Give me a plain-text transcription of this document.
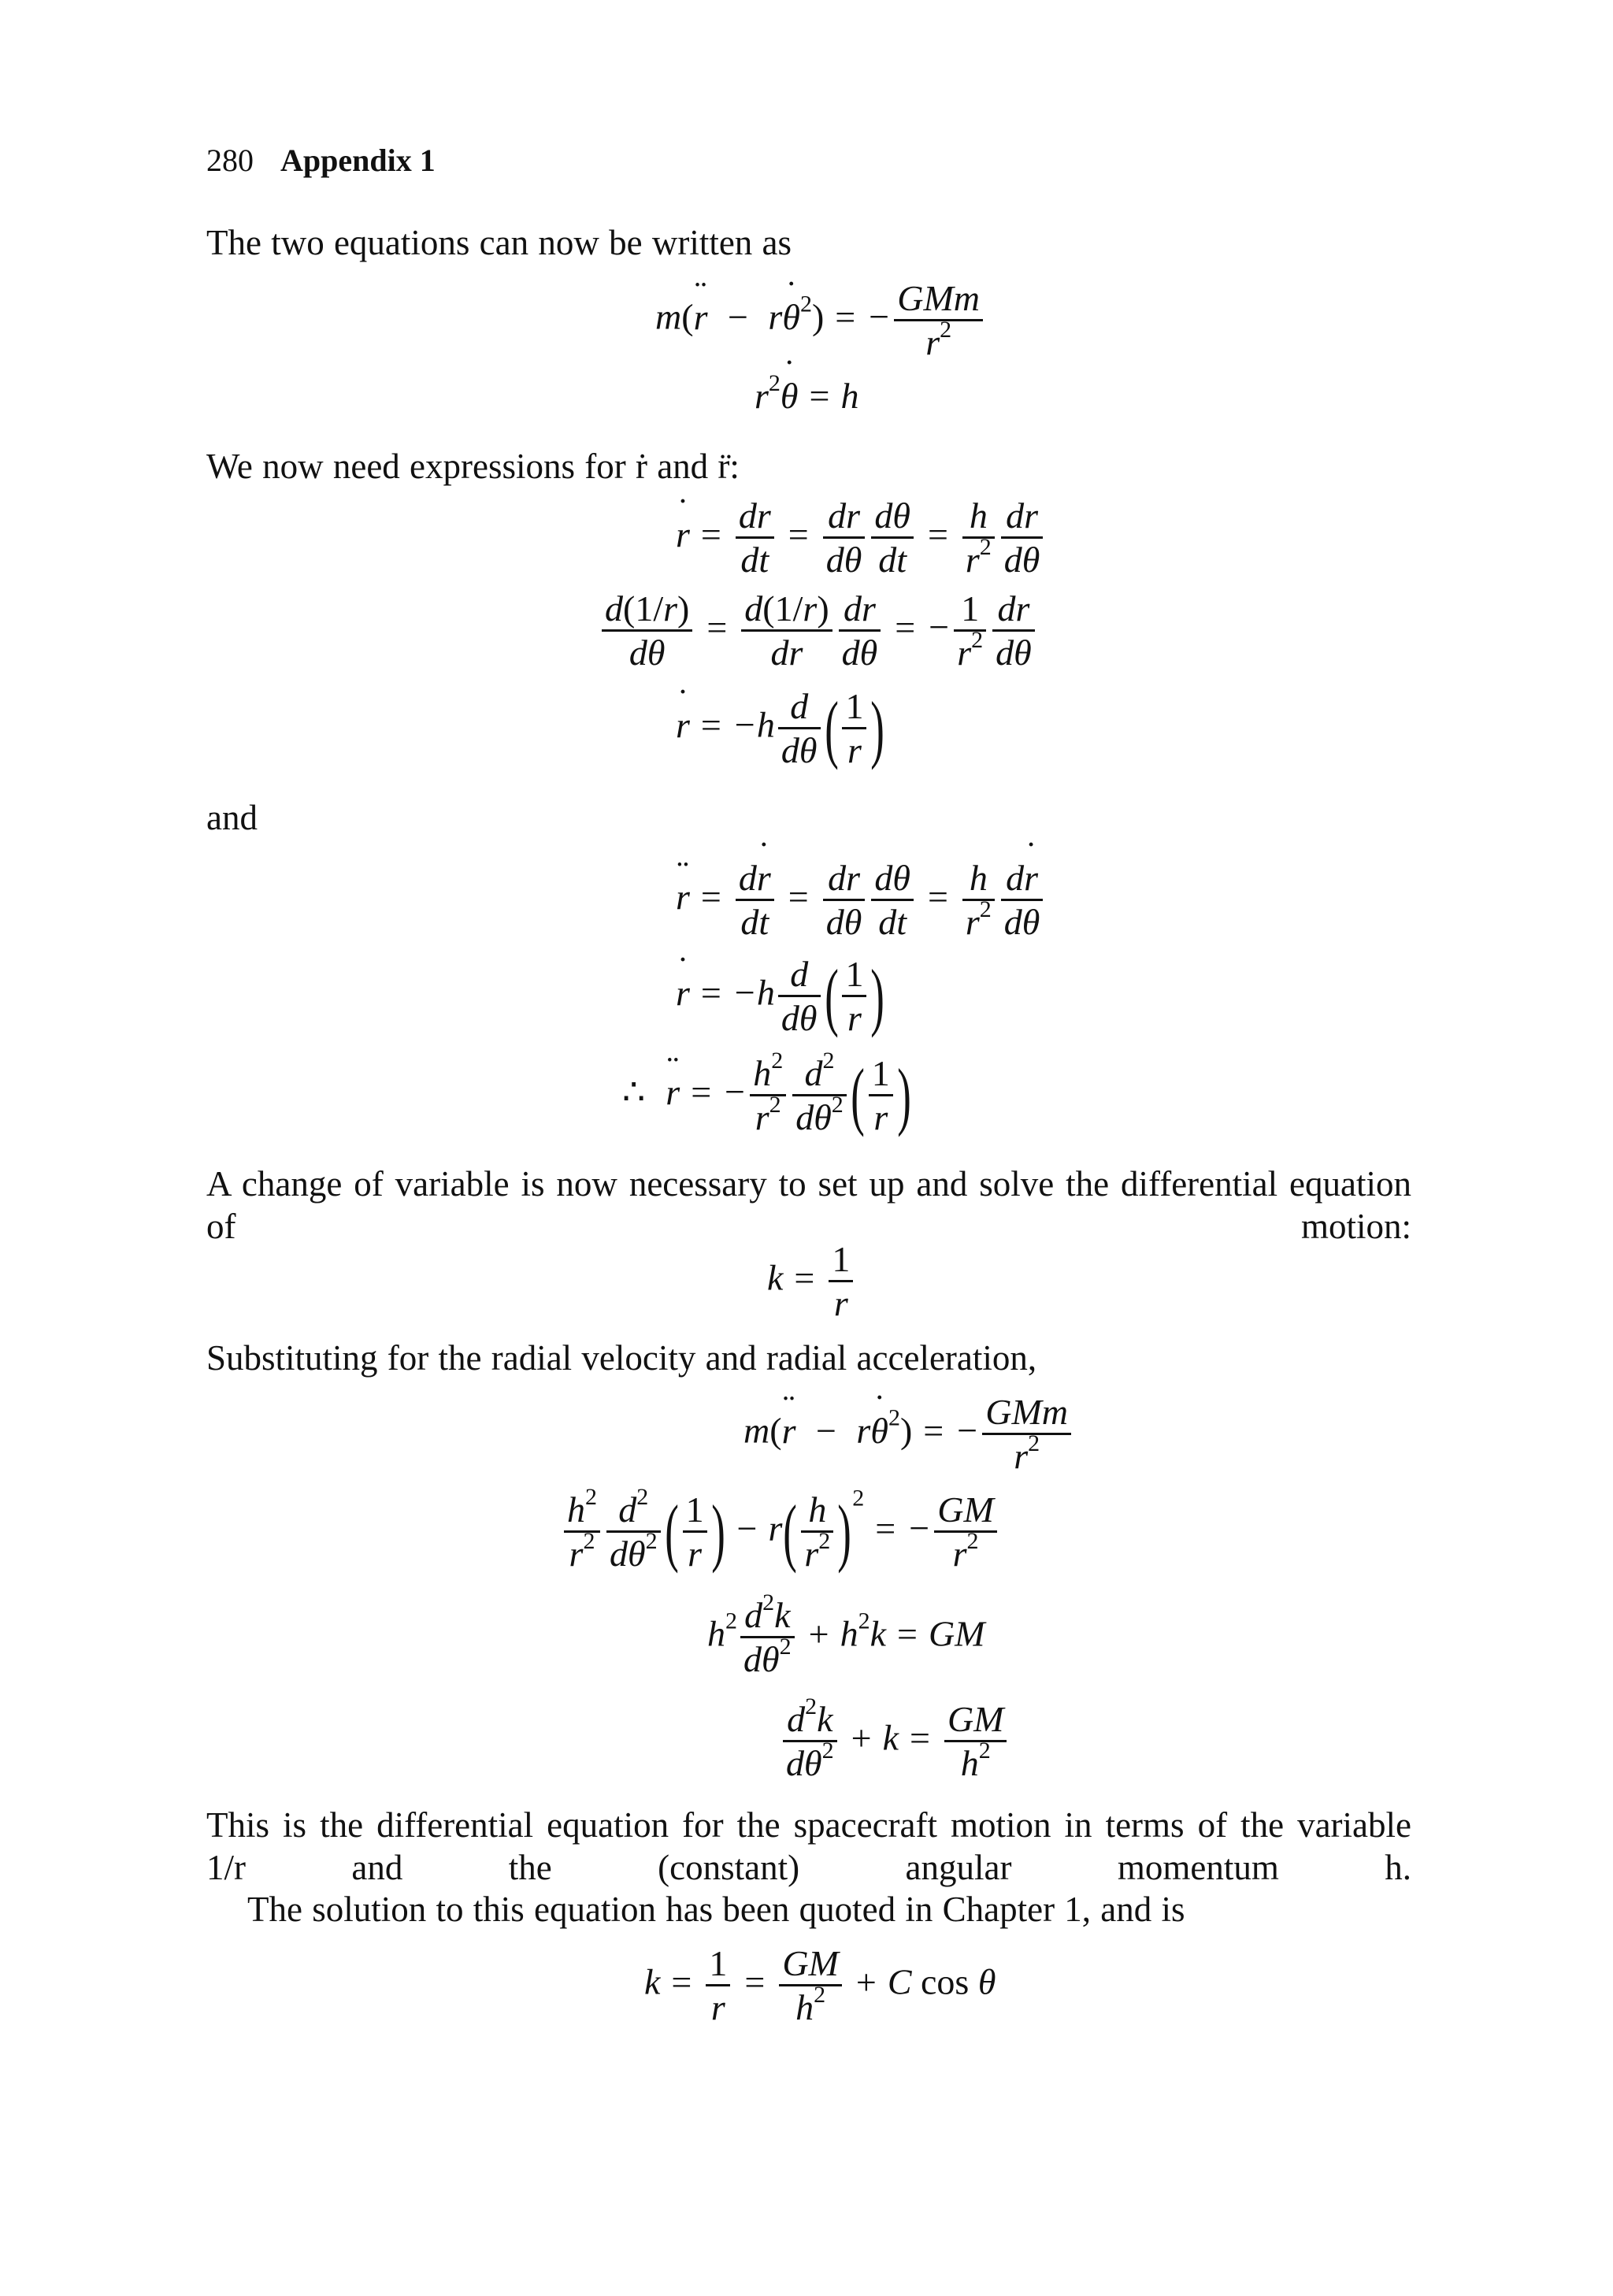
280 Appendix 1
The two equations can now be written as
m(r ¨ − rθ ˙$^2$) = − $\frac{\text{GMm}}{r^2}$
$r^2\theta$ ˙ = h
We now need expressions for ṙ and r̈:
r ˙ = $\frac{dr}{dt} = \frac{dr}{d\theta} \frac{d\theta}{dt} = \frac{h}{r^2} \frac{dr}{d\theta}$
$\frac{d(1/r)}{d\theta} = \frac{d(1/r)}{dr} \frac{dr}{d\theta}$ = − $\frac{1}{r^2} \frac{dr}{d\theta}$
r ˙ = $-h \frac{d}{d\theta}$ ( $\frac{1}{r}$ )
and
r ¨ = $\frac{dr ˙}{dt} = \frac{dr}{d\theta} \frac{d\theta}{dt} = \frac{h}{r^2} \frac{dr ˙}{d\theta}$
r ˙ = $-h \frac{d}{d\theta}$ ( $\frac{1}{r}$ )
∴ r ¨ = − $\frac{h^2}{r^2} \frac{d^2}{d\theta^2}$ ( $\frac{1}{r}$ )
A change of variable is now necessary to set up and solve the differential equation of motion:
$k = \frac{1}{r}$
Substituting for the radial velocity and radial acceleration,
m(r ¨ − rθ ˙$^2$) = − $\frac{\text{GMm}}{r^2}$
$\frac{h^2}{r^2} \frac{d^2}{d\theta^2}$ ( $\frac{1}{r}$ ) − $r( \frac{h}{r^2} )^2= - \frac{GM}{r^2}$
$h^2 \frac{d^2k}{d\theta^2} + h^2k$ = GM
$\frac{d^2k}{d\theta^2} + k = \frac{GM}{h^2}$
This is the differential equation for the spacecraft motion in terms of the variable 1/r and the (constant) angular momentum h.
The solution to this equation has been quoted in Chapter 1, and is
$k = \frac{1}{r} = \frac{GM}{h^2} + C$ cos θ
